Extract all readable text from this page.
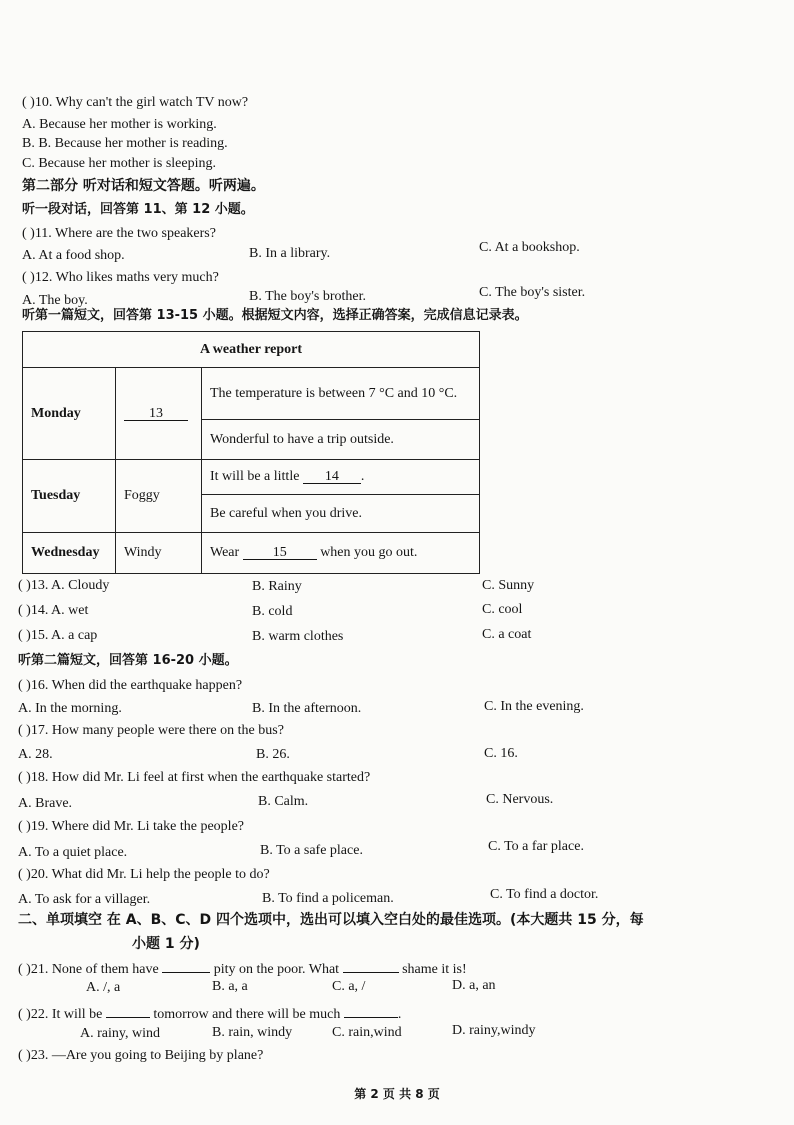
( )10. Why can't the girl watch TV now?
A. Because her mother is working.
B. B. Because her mother is reading.
C. Because her mother is sleeping.
第二部分 听对话和短文答题。听两遍。
听一段对话，回答第 11、第 12 小题。
( )11. Where are the two speakers?
A. At a food shop.	B. In a library.	C. At a bookshop.
( )12. Who likes maths very much?
A. The boy.	B. The boy's brother.	C. The boy's sister.
听第一篇短文，回答第 13-15 小题。根据短文内容，选择正确答案，完成信息记录表。
A weather report		
Monday	13	The temperature is between 7 °C and 10 °C.
		Wonderful to have a trip outside.
Tuesday	Foggy	It will be a little 14 .
		Be careful when you drive.
Wednesday	Windy	Wear 15 when you go out.
( )13. A. Cloudy	B. Rainy	C. Sunny
( )14. A. wet	B. cold	C. cool
( )15. A. a cap	B. warm clothes	C. a coat
听第二篇短文，回答第 16-20 小题。
( )16. When did the earthquake happen?
A. In the morning.	B. In the afternoon.	C. In the evening.
( )17. How many people were there on the bus?
A. 28.	B. 26.	C. 16.
( )18. How did Mr. Li feel at first when the earthquake started?
A. Brave.	B. Calm.	C. Nervous.
( )19. Where did Mr. Li take the people?
A. To a quiet place.	B. To a safe place.	C. To a far place.
( )20. What did Mr. Li help the people to do?
A. To ask for a villager.	B. To find a policeman.	C. To find a doctor.
二、单项填空 在 A、B、C、D 四个选项中，选出可以填入空白处的最佳选项。(本大题共 15 分，每
小题 1 分)
( )21. None of them have	pity on the poor. What	shame it is!
A. /, a	B. a, a	C. a, /	D. a, an
( )22. It will be	tomorrow and there will be much	.
A. rainy, wind	B. rain, windy	C. rain,wind	D. rainy,windy
( )23. —Are you going to Beijing by plane?
第 2 页 共 8 页
